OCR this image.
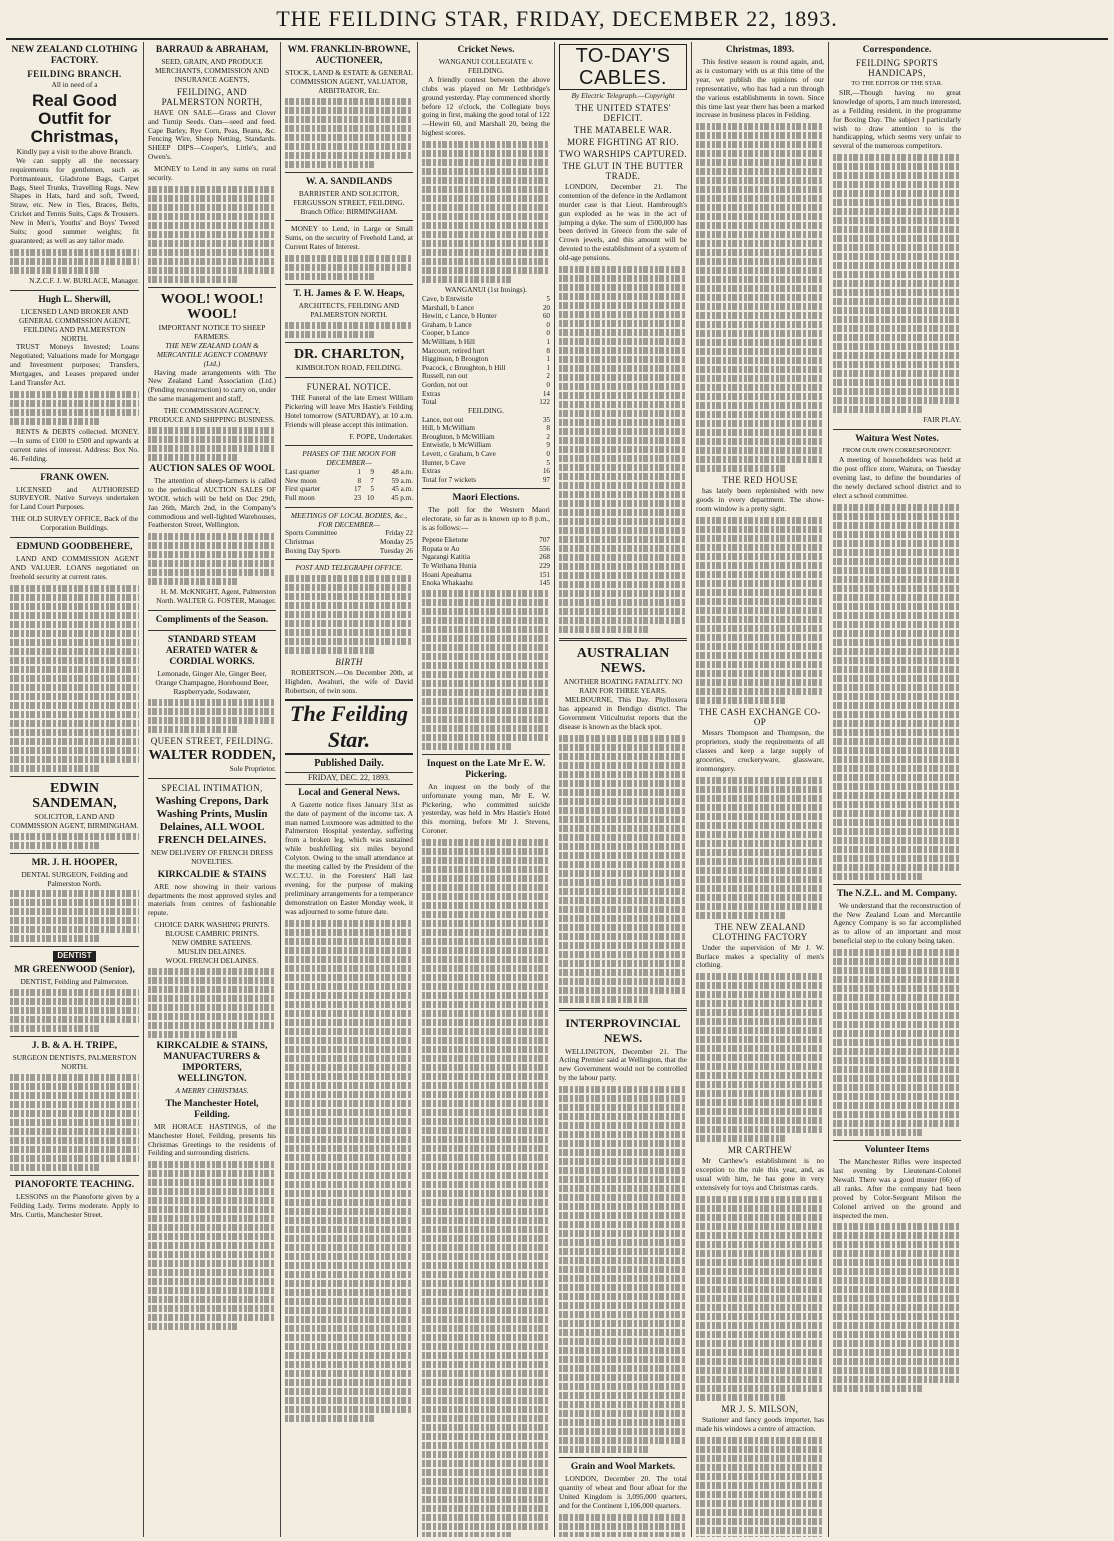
THE FEILDING STAR, FRIDAY, DECEMBER 22, 1893.
NEW ZEALAND CLOTHING FACTORY.
FEILDING BRANCH.
All in need of a
Real Good Outfit for Christmas,
Kindly pay a visit to the above Branch.

We can supply all the necessary requirements for gentlemen, such as Portmanteaux, Gladstone Bags, Carpet Bags, Steel Trunks, Travelling Rugs. New Shapes in Hats, hard and soft, Tweed, Straw, etc. New in Ties, Braces, Belts, Cricket and Tennis Suits, Caps & Trousers. New in Men's, Youths' and Boys' Tweed Suits; good summer weights; fit guaranteed; as well as any tailor made.

N.Z.C.F. J. W. BURLACE, Manager.
Hugh L. Sherwill,
LICENSED LAND BROKER AND GENERAL COMMISSION AGENT, FEILDING AND PALMERSTON NORTH.

TRUST Moneys Invested; Loans Negotiated; Valuations made for Mortgage and Investment purposes; Transfers, Mortgages, and Leases prepared under Land Transfer Act.

RENTS & DEBTS collected. MONEY.—In sums of £100 to £500 and upwards at current rates of interest. Address: Box No. 46. Feilding.

FRANK OWEN.

LICENSED and AUTHORISED SURVEYOR. Native Surveys undertaken for Land Court Purposes.

THE OLD SURVEY OFFICE, Back of the Corporation Buildings.
EDMUND GOODBEHERE,

LAND AND COMMISSION AGENT AND VALUER. LOANS negotiated on freehold security at current rates.

EDWIN SANDEMAN,
SOLICITOR, LAND AND COMMISSION AGENT, BIRMINGHAM.
MR. J. H. HOOPER,
DENTAL SURGEON, Feilding and Palmerston North.
DENTIST
MR GREENWOOD (Senior),
DENTIST, Feilding and Palmerston.
J. B. & A. H. TRIPE,
SURGEON DENTISTS, PALMERSTON NORTH.
PIANOFORTE TEACHING.

LESSONS on the Pianoforte given by a Feilding Lady. Terms moderate. Apply to Mrs. Curtis, Manchester Street.

BARRAUD & ABRAHAM,
SEED, GRAIN, AND PRODUCE MERCHANTS, COMMISSION AND INSURANCE AGENTS,
FEILDING, AND PALMERSTON NORTH,

HAVE ON SALE—Grass and Clover and Turnip Seeds. Oats—seed and feed. Cape Barley, Rye Corn, Peas, Beans, &c. Fencing Wire, Sheep Netting, Standards. SHEEP DIPS—Cooper's, Little's, and Owen's.

MONEY to Lend in any sums on rural security.

WOOL! WOOL! WOOL!
IMPORTANT NOTICE TO SHEEP FARMERS.
THE NEW ZEALAND LOAN & MERCANTILE AGENCY COMPANY (Ltd.)

Having made arrangements with The New Zealand Land Association (Ltd.) (Pending reconstruction) to carry on, under the same management and staff,

THE COMMISSION AGENCY, PRODUCE AND SHIPPING BUSINESS.
AUCTION SALES OF WOOL

The attention of sheep-farmers is called to the periodical AUCTION SALES OF WOOL which will be held on Dec 29th, Jan 26th, March 2nd, in the Company's commodious and well-lighted Warehouses, Featherston Street, Wellington.

H. M. McKNIGHT, Agent, Palmerston North. WALTER G. FOSTER, Manager.
Compliments of the Season.
STANDARD STEAM AERATED WATER & CORDIAL WORKS.
Lemonade, Ginger Ale, Ginger Beer, Orange Champagne, Horehound Beer, Raspberryade, Sodawater,
QUEEN STREET, FEILDING.
WALTER RODDEN,
Sole Proprietor.
SPECIAL INTIMATION,
Washing Crepons, Dark Washing Prints, Muslin Delaines, ALL WOOL FRENCH DELAINES.
NEW DELIVERY OF FRENCH DRESS NOVELTIES.
KIRKCALDIE & STAINS

ARE now showing in their various departments the most approved styles and materials from centres of fashionable repute.

CHOICE DARK WASHING PRINTS.
BLOUSE CAMBRIC PRINTS.
NEW OMBRE SATEENS.
MUSLIN DELAINES.
WOOL FRENCH DELAINES.
KIRKCALDIE & STAINS, MANUFACTURERS & IMPORTERS, WELLINGTON.
A MERRY CHRISTMAS.
The Manchester Hotel, Feilding.

MR HORACE HASTINGS, of the Manchester Hotel, Feilding, presents his Christmas Greetings to the residents of Feilding and surrounding districts.

WM. FRANKLIN-BROWNE, AUCTIONEER,
STOCK, LAND & ESTATE & GENERAL COMMISSION AGENT, VALUATOR, ARBITRATOR, Etc.
W. A. SANDILANDS
BARRISTER AND SOLICITOR, FERGUSSON STREET, FEILDING. Branch Office: BIRMINGHAM.

MONEY to Lend, in Large or Small Sums, on the security of Freehold Land, at Current Rates of Interest.

T. H. James & F. W. Heaps,
ARCHITECTS, FEILDING AND PALMERSTON NORTH.
DR. CHARLTON,
KIMBOLTON ROAD, FEILDING.
FUNERAL NOTICE.

THE Funeral of the late Ernest William Pickering will leave Mrs Hastie's Feilding Hotel tomorrow (SATURDAY), at 10 a.m. Friends will please accept this intimation.

F. POPE, Undertaker.
PHASES OF THE MOON FOR DECEMBER—
Last quarter	1	9	48 a.m.
New moon	8	7	59 a.m.
First quarter	17	5	45 a.m.
Full moon	23	10	45 p.m.
MEETINGS OF LOCAL BODIES, &c., FOR DECEMBER—
Sports Committee	Friday 22
Christmas	Monday 25
Boxing Day Sports	Tuesday 26
POST AND TELEGRAPH OFFICE.
BIRTH

ROBERTSON.—On December 20th, at Highden, Awahuri, the wife of David Robertson, of twin sons.

The Feilding Star.
Published Daily.
FRIDAY, DEC. 22, 1893.
Local and General News.

A Gazette notice fixes January 31st as the date of payment of the income tax. A man named Luxmoore was admitted to the Palmerston Hospital yesterday, suffering from a broken leg, which was sustained while bushfelling six miles beyond Colyton. Owing to the small attendance at the meeting called by the President of the W.C.T.U. in the Foresters' Hall last evening, for the purpose of making preliminary arrangements for a temperance demonstration on Easter Monday week, it was adjourned to some future date.

Cricket News.
WANGANUI COLLEGIATE v. FEILDING.

A friendly contest between the above clubs was played on Mr Lethbridge's ground yesterday. Play commenced shortly before 12 o'clock, the Collegiate boys going in first, making the good total of 122—Hewitt 60, and Marshall 20, being the highest scores.

WANGANUI (1st Innings).
Cave, b Entwistle	5
Marshall, b Lance	20
Hewitt, c Lance, b Hunter	60
Graham, b Lance	0
Cooper, b Lance	0
McWilliam, b Hill	1
Marcourt, retired hurt	8
Higginson, b Brougton	1
Peacock, c Broughton, b Hill	1
Russell, run out	2
Gordon, not out	0
Extras	14
Total	122
FEILDING.
Lance, not out	35
Hill, b McWilliam	8
Broughton, b McWilliam	2
Entwistle, b McWilliam	9
Levett, c Graham, b Cave	0
Hunter, b Cave	5
Extras	16
Total for 7 wickets	97
Maori Elections.

The poll for the Western Maori electorate, so far as is known up to 8 p.m., is as follows:—

Pepene Eketone	707
Ropata te Ao	556
Ngarangi Katitia	268
Te Wirihana Hunia	229
Hoani Apeahama	151
Enoka Whakaahu	145
Inquest on the Late Mr E. W. Pickering.

An inquest on the body of the unfortunate young man, Mr E. W. Pickering, who committed suicide yesterday, was held in Mrs Hastie's Hotel this morning, before Mr J. Stevens, Coroner.

TO-DAY'S CABLES.
By Electric Telegraph.—Copyright
THE UNITED STATES' DEFICIT.
THE MATABELE WAR.
MORE FIGHTING AT RIO.
TWO WARSHIPS CAPTURED.
THE GLUT IN THE BUTTER TRADE.

LONDON, December 21. The contention of the defence in the Ardlamont murder case is that Lieut. Hambrough's gun exploded as he was in the act of jumping a dyke. The sum of £500,000 has been derived in Greece from the sale of Crown jewels, and this amount will be devoted to the establishment of a system of old-age pensions.

AUSTRALIAN NEWS.
ANOTHER BOATING FATALITY. NO RAIN FOR THREE YEARS.

MELBOURNE, This Day. Phylloxera has appeared in Bendigo district. The Government Viticulturist reports that the disease is known as the black spot.

INTERPROVINCIAL NEWS.

WELLINGTON, December 21. The Acting Premier said at Wellington, that the new Government would not be controlled by the labour party.

Grain and Wool Markets.

LONDON, December 20. The total quantity of wheat and flour afloat for the United Kingdom is 3,095,000 quarters, and for the Continent 1,106,000 quarters.

Christmas, 1893.

This festive season is round again, and, as is customary with us at this time of the year, we publish the opinions of our representative, who has had a run through the various establishments in town. Since this time last year there has been a marked increase in business places in Feilding.

THE RED HOUSE

has lately been replenished with new goods in every department. The show-room window is a pretty sight.

THE CASH EXCHANGE CO-OP

Messrs Thompson and Thompson, the proprietors, study the requirements of all classes and keep a large supply of groceries, crockeryware, glassware, ironmongery.

THE NEW ZEALAND CLOTHING FACTORY

Under the supervision of Mr J. W. Burlace makes a speciality of men's clothing.

MR CARTHEW

Mr Carthew's establishment is no exception to the rule this year, and, as usual with him, he has gone in very extensively for toys and Christmas cards.

MR J. S. MILSON,

Stationer and fancy goods importer, has made his windows a centre of attraction.

Correspondence.
FEILDING SPORTS HANDICAPS,
TO THE EDITOR OF THE STAR.

SIR,—Though having no great knowledge of sports, I am much interested, as a Feilding resident, in the programme for Boxing Day. The subject I particularly wish to draw attention to is the handicapping, which seems very unfair to several of the numerous competitors.

FAIR PLAY.
Waitura West Notes.
FROM OUR OWN CORRESPONDENT.

A meeting of householders was held at the post office store, Waitura, on Tuesday evening last, to define the boundaries of the newly declared school district and to elect a school committee.

The N.Z.L. and M. Company.

We understand that the reconstruction of the New Zealand Loan and Mercantile Agency Company is so far accomplished as to allow of an important and most beneficial step to the colony being taken.

Volunteer Items

The Manchester Rifles were inspected last evening by Lieutenant-Colonel Newall. There was a good muster (66) of all ranks. After the company had been proved by Color-Sergeant Milson the Colonel arrived on the ground and inspected the men.
